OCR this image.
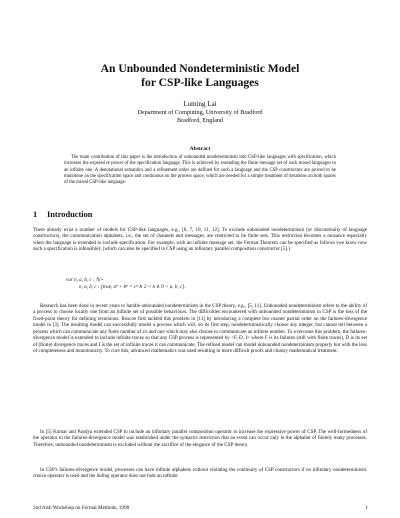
An Unbounded Nondeterministic Model
for CSP-like Languages
Luming Lai
Department of Computing, University of Bradford
Bradford, England
Abstract
The main contribution of this paper is the introduction of unbounded nondeterminism into CSP-like languages with specification, which increases the expressive power of the specification language. This is achieved by extending the finite message set of such mixed languages to an infinite one. A denotational semantics and a refinement order are defined for such a language and the CSP constructors are proved to be monotone on the specification space and continuous on the process space, which are needed for a simple treatment of iterations on both spaces of the mixed CSP-like language.
1 Introduction
There already exist a number of models for CSP-like languages, e.g., [6, 7, 10, 11, 12]. To exclude unbounded nondeterminism (or discontinuity of language constructors), the communication alphabets, i.e., the set of channels and messages, are restricted to be finite sets. This restriction becomes a nuisance especially when the language is extended to include specification. For example, with an infinite message set, the Fermat Theorem can be specified as follows (we know now such a specification is infeasible): (which can also be specified in CSP using an infinitary parallel composition constructor [5].)
var n, a, b, c : ℕ •
n, a, b, c : [true, aⁿ + bⁿ = cⁿ ∧ 2 < n ∧ 0 < a, b, c].
Research has been done in recent years to handle unbounded nondeterminism in the CSP theory, e.g., [5, 11]. Unbounded nondeterminism refers to the ability of a process to choose locally one from an infinite set of possible behaviours. The difficulties encountered with unbounded nondeterminism in CSP is the loss of the fixed-point theory for defining recursions. Roscoe first tackled this problem in [11] by introducing a complete but coarser partial order on the failures-divergence model in [3]. The resulting model can successfully model a process which will, on its first step, nondeterministically choose any integer, but cannot tell between a process which can communicate any finite number of a's and one which may also choose to communicate an infinite number. To overcome this problem, the failures-divergence model is extended to include infinite traces so that any CSP process is represented by <F, D, I> where F is its failures (still with finite traces), D is its set of (finite) divergence traces and I is the set of infinite traces it can communicate. The refined model can model unbounded nondeterminism properly but with the loss of completeness and monotonicity. To cure this, advanced mathematics was used resulting in more difficult proofs and clumsy mathematical treatment.
In [5] Kumar and Pandya extended CSP to include an infinitary parallel composition operator to increase the expressive power of CSP. The well-formedness of the operator in the failures-divergence model was established under the syntactic restriction that an event can occur only in the alphabet of finitely many processes. Therefore, unbounded nondeterminism is excluded without the sacrifice of the elegance of the CSP theory.
In CSP's failures-divergence model, processes can have infinite alphabets without violating the continuity of CSP constructors if no infinitary nondeterministic choice operator is used and the hiding operator does not hide an infinite
2nd Irish Workshop on Formal Methods, 1998	1
